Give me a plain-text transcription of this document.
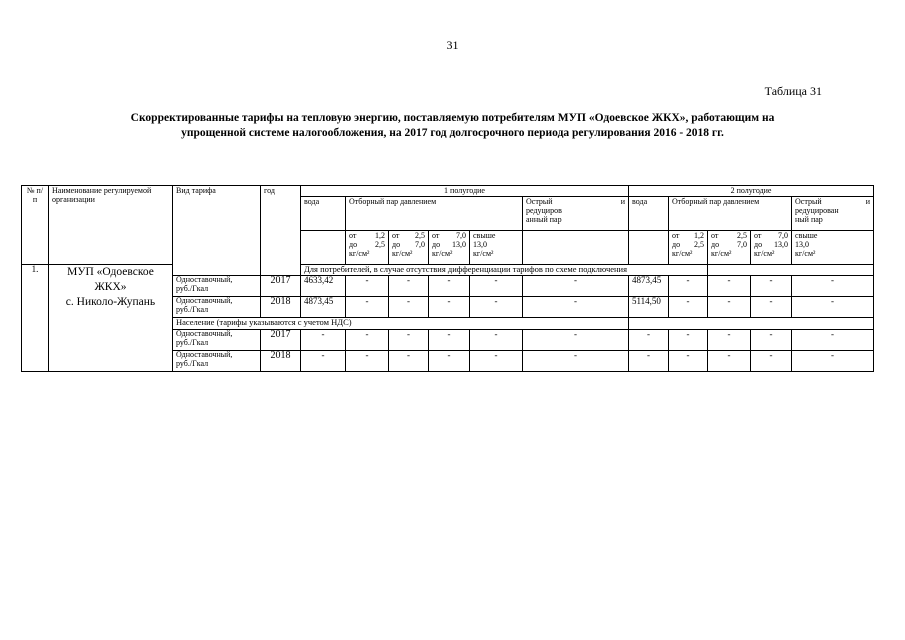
31
Таблица 31
Скорректированные тарифы на тепловую энергию, поставляемую потребителям МУП «Одоевское ЖКХ», работающим на
упрощенной системе налогообложения, на 2017 год долгосрочного периода регулирования 2016 - 2018 гг.
№ п/п	Наименование регулируемой организации	Вид тарифа	год	1 полугодие						2 полугодие					
				вода	Отборный пар давлением				Острый и
редуциров
анный пар	вода	Отборный пар давлением			Острый и
редуцирован
ный пар	

					от 1,2
до 2,5
кг/см²	от 2,5
до 7,0
кг/см²	от 7,0
до 13,0
кг/см²	свыше
13,0
кг/см²			от 1,2
до 2,5
кг/см²	от 2,5
до 7,0
кг/см²	от 7,0
до 13,0
кг/см²	свыше
13,0
кг/см²	

1.	МУП «Одоевское
ЖКХ»
с. Николо-Жупань			Для потребителей, в случае отсутствия дифференциации тарифов по схеме подключения											

		Одноставочный,
руб./Гкал	2017	4633,42	-	-	-	-	-	4873,45	-	-	-	-	

		Одноставочный,
руб./Гкал	2018	4873,45	-	-	-	-	-	5114,50	-	-	-	-	
		Население (тарифы указываются с учетом НДС)													

		Одноставочный,
руб./Гкал	2017	-	-	-	-	-	-	-	-	-	-	-	

		Одноставочный,
руб./Гкал	2018	-	-	-	-	-	-	-	-	-	-	-	
